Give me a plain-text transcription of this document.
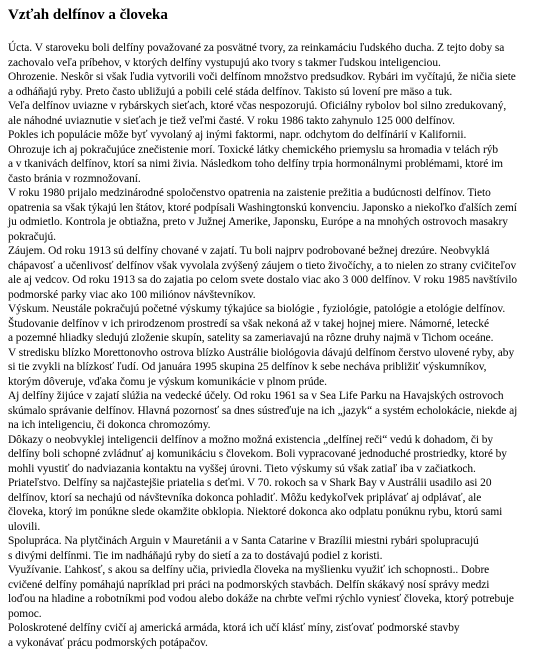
Vzťah delfínov a človeka
Úcta. V staroveku boli delfíny považované za posvätné tvory, za reinkamáciu ľudského ducha. Z tejto doby sa
zachovalo veľa príbehov, v ktorých delfíny vystupujú ako tvory s takmer ľudskou inteligenciou.
Ohrozenie. Neskôr si však ľudia vytvorili voči delfínom množstvo predsudkov. Rybári im vyčítajú, že ničia siete
a odháňajú ryby. Preto často ubližujú a pobili celé stáda delfínov. Takisto sú lovení pre mäso a tuk.
Veľa delfínov uviazne v rybárskych sieťach, ktoré včas nespozorujú. Oficiálny rybolov bol silno zredukovaný,
ale náhodné uviaznutie v sieťach je tiež veľmi časté. V roku 1986 takto zahynulo 125 000 delfínov.
Pokles ich populácie môže byť vyvolaný aj inými faktormi, napr. odchytom do delfínárií v Kalifornii.
Ohrozuje ich aj pokračujúce znečistenie morí. Toxické látky chemického priemyslu sa hromadia v telách rýb
a v tkanivách delfínov, ktorí sa nimi živia. Následkom toho delfíny trpia hormonálnymi problémami, ktoré im
často bránia v rozmnožovaní.
V roku 1980 prijalo medzinárodné spoločenstvo opatrenia na zaistenie prežitia a budúcnosti delfínov. Tieto
opatrenia sa však týkajú len štátov, ktoré podpísali Washingtonskú konvenciu. Japonsko a niekoľko ďalších zemí
ju odmietlo. Kontrola je obtiažna, preto v Južnej Amerike, Japonsku, Európe a na mnohých ostrovoch masakry
pokračujú.
Záujem. Od roku 1913 sú delfíny chované v zajatí. Tu boli najprv podrobované bežnej drezúre. Neobvyklá
chápavosť a učenlivosť delfínov však vyvolala zvýšený záujem o tieto živočíchy, a to nielen zo strany cvičiteľov
ale aj vedcov. Od roku 1913 sa do zajatia po celom svete dostalo viac ako 3 000 delfínov. V roku 1985 navštívilo
podmorské parky viac ako 100 miliónov návštevníkov.
Výskum. Neustále pokračujú početné výskumy týkajúce sa biológie , fyziológie, patológie a etológie delfínov.
Študovanie delfínov v ich prirodzenom prostredí sa však nekoná až v takej hojnej miere. Námorné, letecké
a pozemné hliadky sledujú zloženie skupín, satelity sa zameriavajú na rôzne druhy najmä v Tichom oceáne.
V stredisku blízko Morettonovho ostrova blízko Austrálie biológovia dávajú delfínom čerstvo ulovené ryby, aby
si tie zvykli na blízkosť ľudí. Od januára 1995 skupina 25 delfínov k sebe necháva približiť výskumníkov,
ktorým dôveruje, vďaka čomu je výskum komunikácie v plnom prúde.
Aj delfíny žijúce v zajatí slúžia na vedecké účely. Od roku 1961 sa v Sea Life Parku na Havajských ostrovoch
skúmalo správanie delfínov. Hlavná pozornosť sa dnes sústreďuje na ich „jazyk“ a systém echolokácie, niekde aj
na ich inteligenciu, či dokonca chromozómy.
Dôkazy o neobvyklej inteligencii delfínov a možno možná existencia „delfínej reči“ vedú k dohadom, či by
delfíny boli schopné zvládnuť aj komunikáciu s človekom. Boli vypracované jednoduché prostriedky, ktoré by
mohli vyustiť do nadviazania kontaktu na vyššej úrovni. Tieto výskumy sú však zatiaľ iba v začiatkoch.
Priateľstvo. Delfíny sa najčastejšie priatelia s deťmi. V 70. rokoch sa v Shark Bay v Austrálii usadilo asi 20
delfínov, ktorí sa nechajú od návštevníka dokonca pohladiť. Môžu kedykoľvek priplávať aj odplávať, ale
človeka, ktorý im ponúkne slede okamžite obklopia. Niektoré dokonca ako odplatu ponúknu rybu, ktorú sami
ulovili.
Spolupráca. Na plytčinách Arguin v Mauretánii a v Santa Catarine v Brazílii miestni rybári spolupracujú
s divými delfínmi. Tie im nadháňajú ryby do sietí a za to dostávajú podiel z koristi.
Využívanie. Ľahkosť, s akou sa delfíny učia, priviedla človeka na myšlienku využiť ich schopnosti.. Dobre
cvičené delfíny pomáhajú napríklad pri práci na podmorských stavbách. Delfín skákavý nosí správy medzi
loďou na hladine a robotníkmi pod vodou alebo dokáže na chrbte veľmi rýchlo vyniesť človeka, ktorý potrebuje
pomoc.
Poloskrotené delfíny cvičí aj americká armáda, ktorá ich učí klásť míny, zisťovať podmorské stavby
a vykonávať prácu podmorských potápačov.
